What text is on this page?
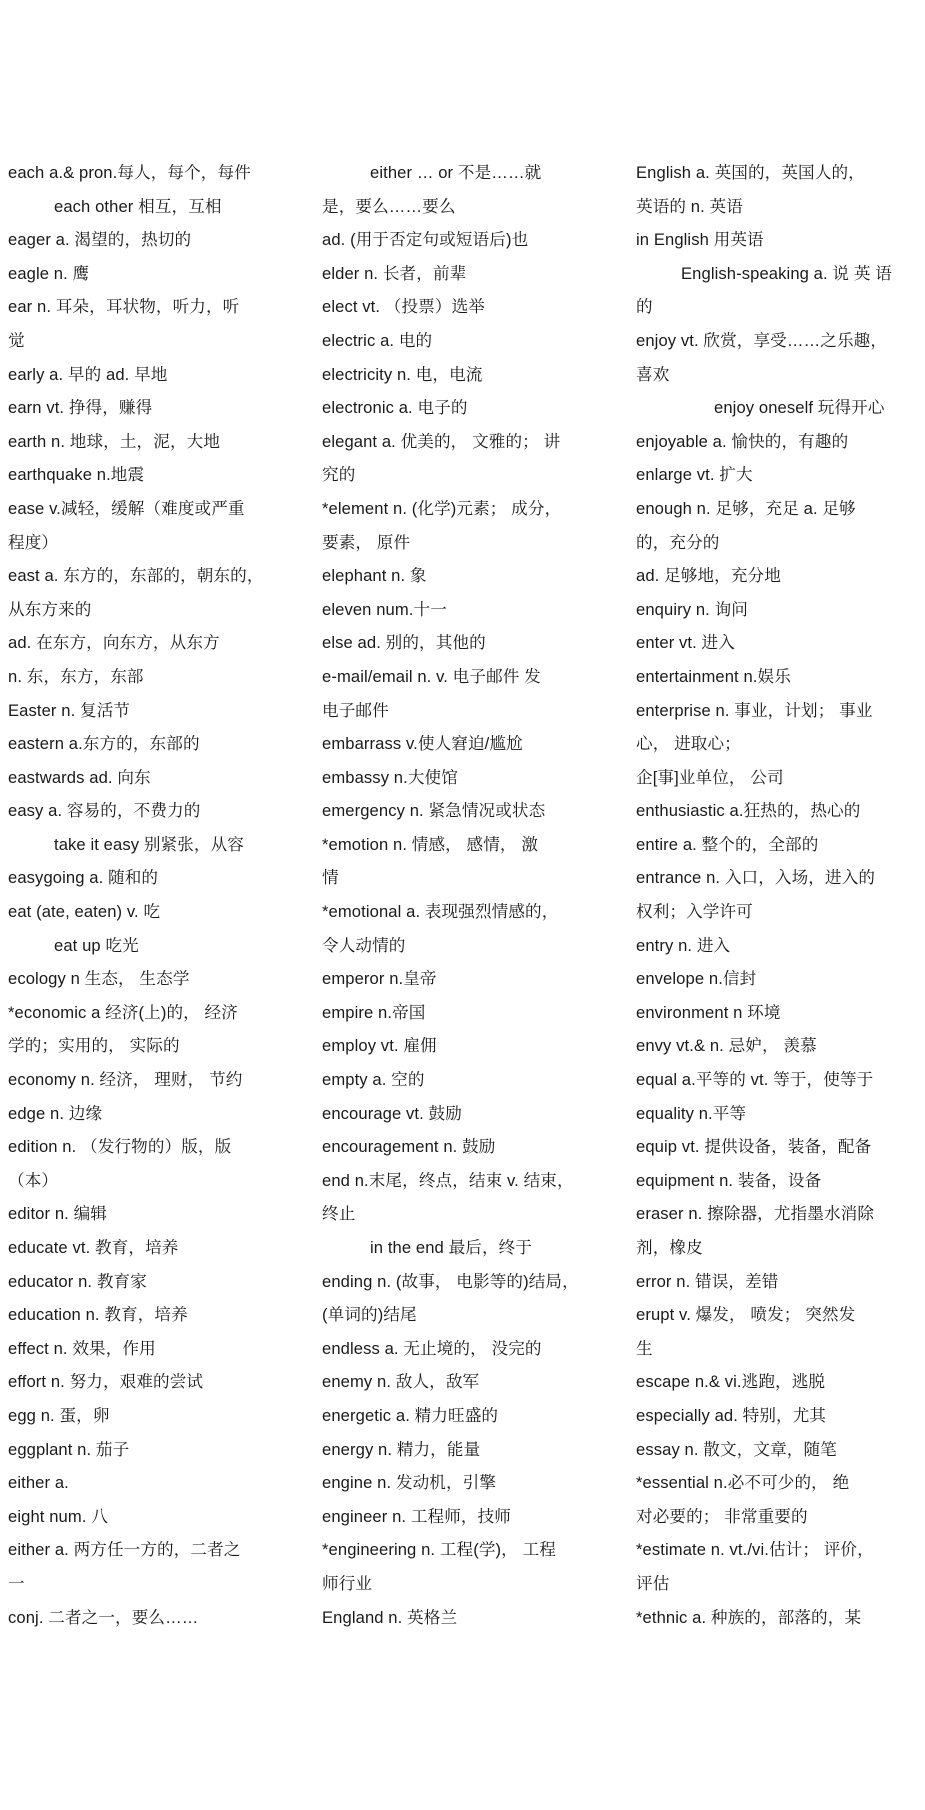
each a.& pron.每人，每个，每件
each other 相互，互相
eager a. 渴望的，热切的
eagle n. 鹰
ear n. 耳朵，耳状物，听力，听
觉
early a. 早的 ad. 早地
earn vt. 挣得，赚得
earth n. 地球，土，泥，大地
earthquake n.地震
ease v.减轻，缓解（难度或严重
程度）
east a. 东方的，东部的，朝东的，
从东方来的
ad. 在东方，向东方，从东方
n. 东，东方，东部
Easter n. 复活节
eastern a.东方的，东部的
eastwards ad. 向东
easy a. 容易的，不费力的
take it easy 别紧张，从容
easygoing a. 随和的
eat (ate, eaten) v. 吃
eat up 吃光
ecology n 生态， 生态学
*economic a 经济(上)的， 经济
学的；实用的， 实际的
economy n. 经济， 理财， 节约
edge n. 边缘
edition n. （发行物的）版，版
（本）
editor n. 编辑
educate vt. 教育，培养
educator n. 教育家
education n. 教育，培养
effect n. 效果，作用
effort n. 努力，艰难的尝试
egg n. 蛋，卵
eggplant n. 茄子
either a.
eight num. 八
either a. 两方任一方的，二者之
一
conj. 二者之一，要么……
either … or 不是……就
是，要么……要么
ad. (用于否定句或短语后)也
elder n. 长者，前辈
elect vt. （投票）选举
electric a. 电的
electricity n. 电，电流
electronic a. 电子的
elegant a. 优美的， 文雅的； 讲
究的
*element n. (化学)元素； 成分，
要素， 原件
elephant n. 象
eleven num.十一
else ad. 别的，其他的
e-mail/email n. v. 电子邮件 发
电子邮件
embarrass v.使人窘迫/尴尬
embassy n.大使馆
emergency n. 紧急情况或状态
*emotion n. 情感， 感情， 激
情
*emotional a. 表现强烈情感的，
令人动情的
emperor n.皇帝
empire n.帝国
employ vt. 雇佣
empty a. 空的
encourage vt. 鼓励
encouragement n. 鼓励
end n.末尾，终点，结束 v. 结束，
终止
in the end 最后，终于
ending n. (故事， 电影等的)结局，
(单词的)结尾
endless a. 无止境的， 没完的
enemy n. 敌人，敌军
energetic a. 精力旺盛的
energy n. 精力，能量
engine n. 发动机，引擎
engineer n. 工程师，技师
*engineering n. 工程(学)， 工程
师行业
England n. 英格兰
English a. 英国的，英国人的，
英语的 n. 英语
in English 用英语
English-speaking a. 说 英 语
的
enjoy vt. 欣赏，享受……之乐趣，
喜欢
enjoy oneself 玩得开心
enjoyable a. 愉快的，有趣的
enlarge vt. 扩大
enough n. 足够，充足 a. 足够
的，充分的
ad. 足够地，充分地
enquiry n. 询问
enter vt. 进入
entertainment n.娱乐
enterprise n. 事业，计划； 事业
心， 进取心；
企[事]业单位， 公司
enthusiastic a.狂热的，热心的
entire a. 整个的，全部的
entrance n. 入口，入场，进入的
权利；入学许可
entry n. 进入
envelope n.信封
environment n 环境
envy vt.& n. 忌妒， 羡慕
equal a.平等的 vt. 等于，使等于
equality n.平等
equip vt. 提供设备，装备，配备
equipment n. 装备，设备
eraser n. 擦除器，尤指墨水消除
剂，橡皮
error n. 错误，差错
erupt v. 爆发， 喷发； 突然发
生
escape n.& vi.逃跑，逃脱
especially ad. 特别，尤其
essay n. 散文，文章，随笔
*essential n.必不可少的， 绝
对必要的； 非常重要的
*estimate n. vt./vi.估计； 评价，
评估
*ethnic a. 种族的，部落的，某
